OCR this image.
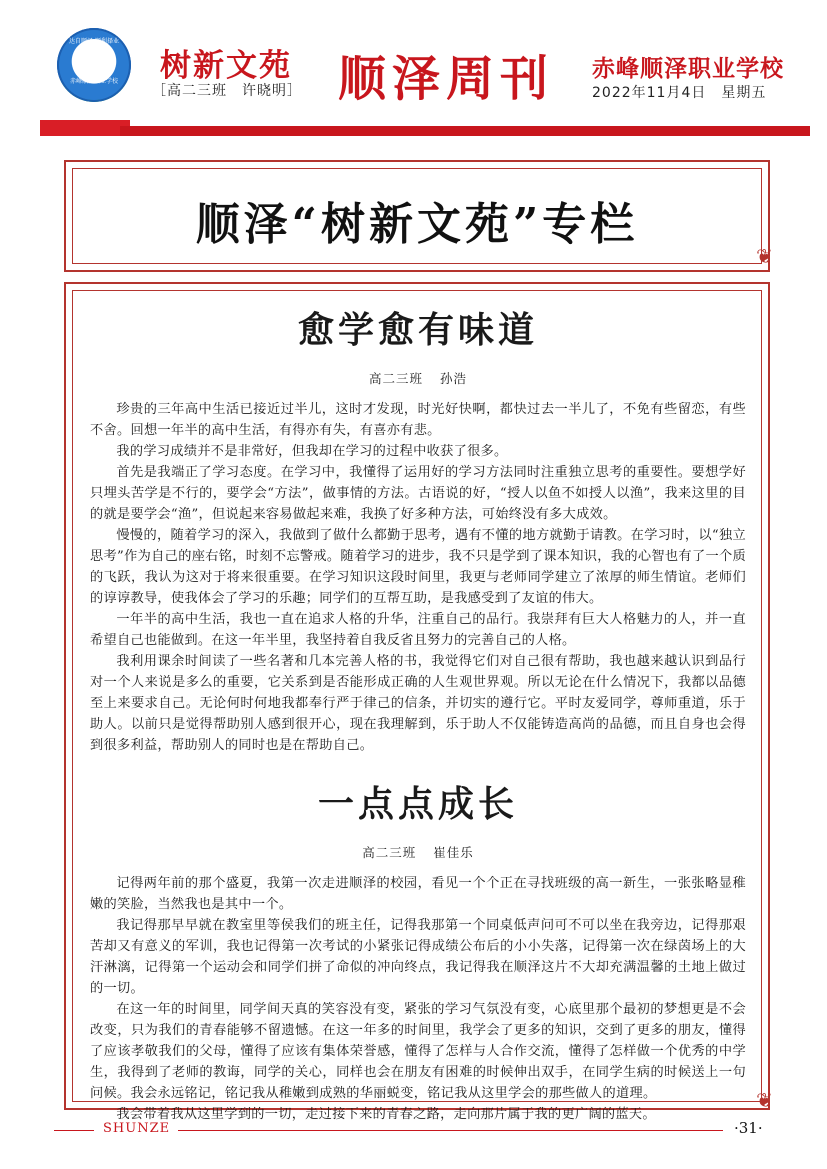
达自顺泽 顺利择业
赤峰顺泽职业学校	树新文苑
［高二三班　许晓明］ 顺泽周刊 赤峰顺泽职业学校
2022年11月4日　星期五
顺泽“树新文苑”专栏
❦
❦
愈学愈有味道
高二三班 孙浩

珍贵的三年高中生活已接近过半儿，这时才发现，时光好快啊，都快过去一半儿了，不免有些留恋，有些不舍。回想一年半的高中生活，有得亦有失，有喜亦有悲。

我的学习成绩并不是非常好，但我却在学习的过程中收获了很多。

首先是我端正了学习态度。在学习中，我懂得了运用好的学习方法同时注重独立思考的重要性。要想学好只埋头苦学是不行的，要学会“方法”，做事情的方法。古语说的好，“授人以鱼不如授人以渔”，我来这里的目的就是要学会“渔”，但说起来容易做起来难，我换了好多种方法，可始终没有多大成效。

慢慢的，随着学习的深入，我做到了做什么都勤于思考，遇有不懂的地方就勤于请教。在学习时，以“独立思考”作为自己的座右铭，时刻不忘警戒。随着学习的进步，我不只是学到了课本知识，我的心智也有了一个质的飞跃，我认为这对于将来很重要。在学习知识这段时间里，我更与老师同学建立了浓厚的师生情谊。老师们的谆谆教导，使我体会了学习的乐趣；同学们的互帮互助，是我感受到了友谊的伟大。

一年半的高中生活，我也一直在追求人格的升华，注重自己的品行。我崇拜有巨大人格魅力的人，并一直希望自己也能做到。在这一年半里，我坚持着自我反省且努力的完善自己的人格。

我利用课余时间读了一些名著和几本完善人格的书，我觉得它们对自己很有帮助，我也越来越认识到品行对一个人来说是多么的重要，它关系到是否能形成正确的人生观世界观。所以无论在什么情况下，我都以品德至上来要求自己。无论何时何地我都奉行严于律己的信条，并切实的遵行它。平时友爱同学，尊师重道，乐于助人。以前只是觉得帮助别人感到很开心，现在我理解到，乐于助人不仅能铸造高尚的品德，而且自身也会得到很多利益，帮助别人的同时也是在帮助自己。

一点点成长
高二三班 崔佳乐

记得两年前的那个盛夏，我第一次走进顺泽的校园，看见一个个正在寻找班级的高一新生，一张张略显稚嫩的笑脸，当然我也是其中一个。

我记得那早早就在教室里等侯我们的班主任，记得我那第一个同桌低声问可不可以坐在我旁边，记得那艰苦却又有意义的军训，我也记得第一次考试的小紧张记得成绩公布后的小小失落，记得第一次在绿茵场上的大汗淋漓，记得第一个运动会和同学们拼了命似的冲向终点，我记得我在顺泽这片不大却充满温馨的土地上做过的一切。

在这一年的时间里，同学间天真的笑容没有变，紧张的学习气氛没有变，心底里那个最初的梦想更是不会改变，只为我们的青春能够不留遗憾。在这一年多的时间里，我学会了更多的知识，交到了更多的朋友，懂得了应该孝敬我们的父母，懂得了应该有集体荣誉感，懂得了怎样与人合作交流，懂得了怎样做一个优秀的中学生，我得到了老师的教诲，同学的关心，同样也会在朋友有困难的时候伸出双手，在同学生病的时候送上一句问候。我会永远铭记，铭记我从稚嫩到成熟的华丽蜕变，铭记我从这里学会的那些做人的道理。

我会带着我从这里学到的一切，走过接下来的青春之路，走向那片属于我的更广阔的蓝天。

SHUNZE	·31·
